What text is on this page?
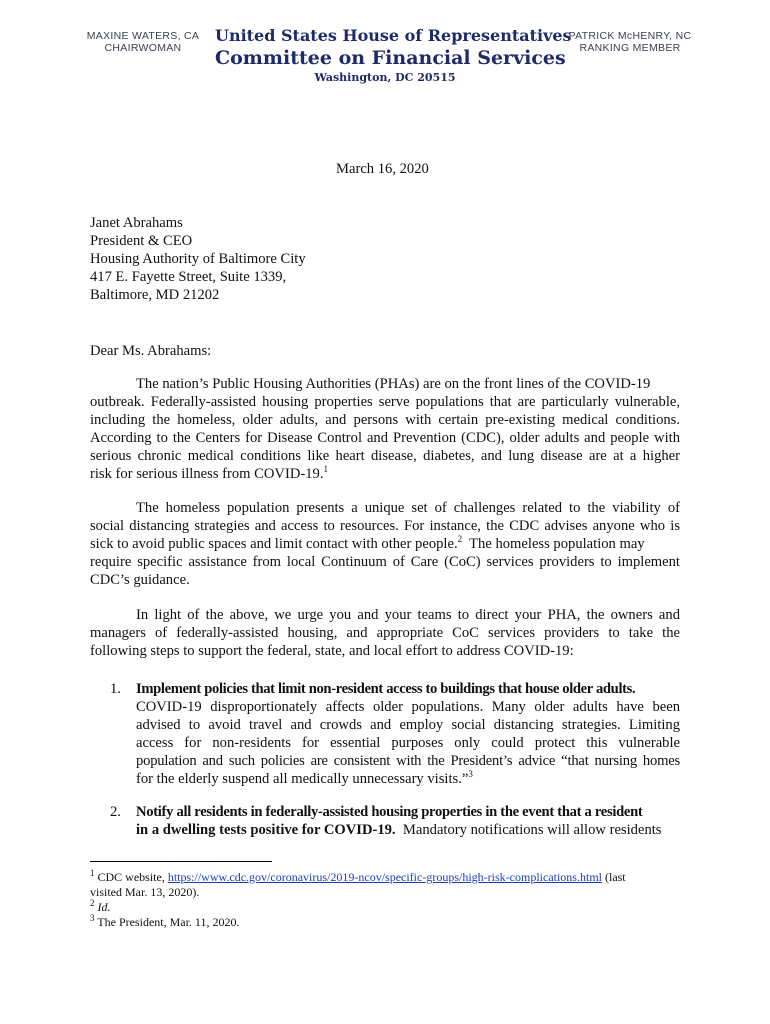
MAXINE WATERS, CA
CHAIRWOMAN
United States House of Representatives
Committee on Financial Services
Washington, DC 20515
PATRICK McHENRY, NC
RANKING MEMBER
March 16, 2020
Janet Abrahams
President & CEO
Housing Authority of Baltimore City
417 E. Fayette Street, Suite 1339,
Baltimore, MD 21202
Dear Ms. Abrahams:
The nation’s Public Housing Authorities (PHAs) are on the front lines of the COVID-19
outbreak. Federally-assisted housing properties serve populations that are particularly vulnerable,
including the homeless, older adults, and persons with certain pre-existing medical conditions.
According to the Centers for Disease Control and Prevention (CDC), older adults and people with
serious chronic medical conditions like heart disease, diabetes, and lung disease are at a higher
risk for serious illness from COVID-19.$^1$
The homeless population presents a unique set of challenges related to the viability of
social distancing strategies and access to resources. For instance, the CDC advises anyone who is
sick to avoid public spaces and limit contact with other people.$^2$  The homeless population may
require specific assistance from local Continuum of Care (CoC) services providers to implement
CDC’s guidance.
In light of the above, we urge you and your teams to direct your PHA, the owners and
managers of federally-assisted housing, and appropriate CoC services providers to take the
following steps to support the federal, state, and local effort to address COVID-19:
1. Implement policies that limit non-resident access to buildings that house older adults.
COVID-19 disproportionately affects older populations. Many older adults have been
advised to avoid travel and crowds and employ social distancing strategies. Limiting
access for non-residents for essential purposes only could protect this vulnerable
population and such policies are consistent with the President’s advice “that nursing homes
for the elderly suspend all medically unnecessary visits.”$^3$
2. Notify all residents in federally-assisted housing properties in the event that a resident
in a dwelling tests positive for COVID-19.  Mandatory notifications will allow residents
$^1$ CDC website, https://www.cdc.gov/coronavirus/2019-ncov/specific-groups/high-risk-complications.html (last
visited Mar. 13, 2020).
$^2$ Id.
$^3$ The President, Mar. 11, 2020.
